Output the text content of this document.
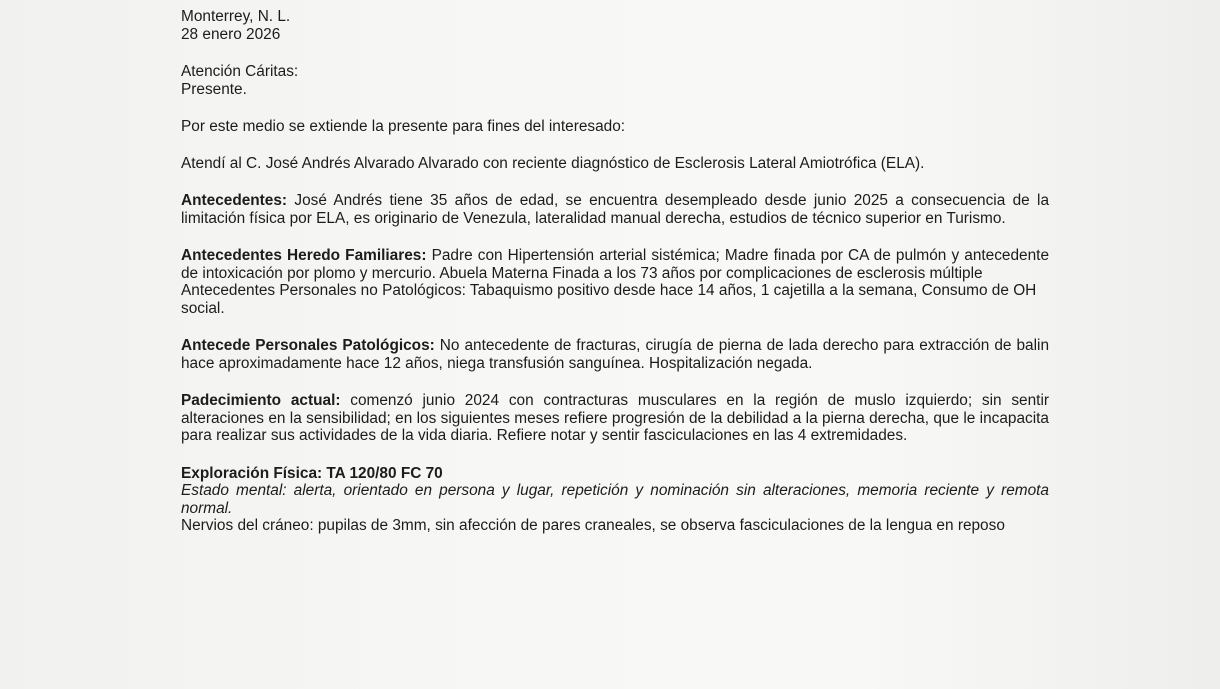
Monterrey, N. L.
28 enero 2026
Atención Cáritas:
Presente.
Por este medio se extiende la presente para fines del interesado:
Atendí al C. José Andrés Alvarado Alvarado con reciente diagnóstico de Esclerosis Lateral Amiotrófica (ELA).

Antecedentes: José Andrés tiene 35 años de edad, se encuentra desempleado desde junio 2025 a consecuencia de la limitación física por ELA, es originario de Venezula, lateralidad manual derecha, estudios de técnico superior en Turismo.

Antecedentes Heredo Familiares: Padre con Hipertensión arterial sistémica; Madre finada por CA de pulmón y antecedente de intoxicación por plomo y mercurio. Abuela Materna Finada a los 73 años por complicaciones de esclerosis múltiple

Antecedentes Personales no Patológicos: Tabaquismo positivo desde hace 14 años, 1 cajetilla a la semana, Consumo de OH social.

Antecede Personales Patológicos: No antecedente de fracturas, cirugía de pierna de lada derecho para extracción de balin hace aproximadamente hace 12 años, niega transfusión sanguínea. Hospitalización negada.

Padecimiento actual: comenzó junio 2024 con contracturas musculares en la región de muslo izquierdo; sin sentir alteraciones en la sensibilidad; en los siguientes meses refiere progresión de la debilidad a la pierna derecha, que le incapacita para realizar sus actividades de la vida diaria. Refiere notar y sentir fasciculaciones en las 4 extremidades.

Exploración Física: TA 120/80 FC 70

Estado mental: alerta, orientado en persona y lugar, repetición y nominación sin alteraciones, memoria reciente y remota normal.

Nervios del cráneo: pupilas de 3mm, sin afección de pares craneales, se observa fasciculaciones de la lengua en reposo
